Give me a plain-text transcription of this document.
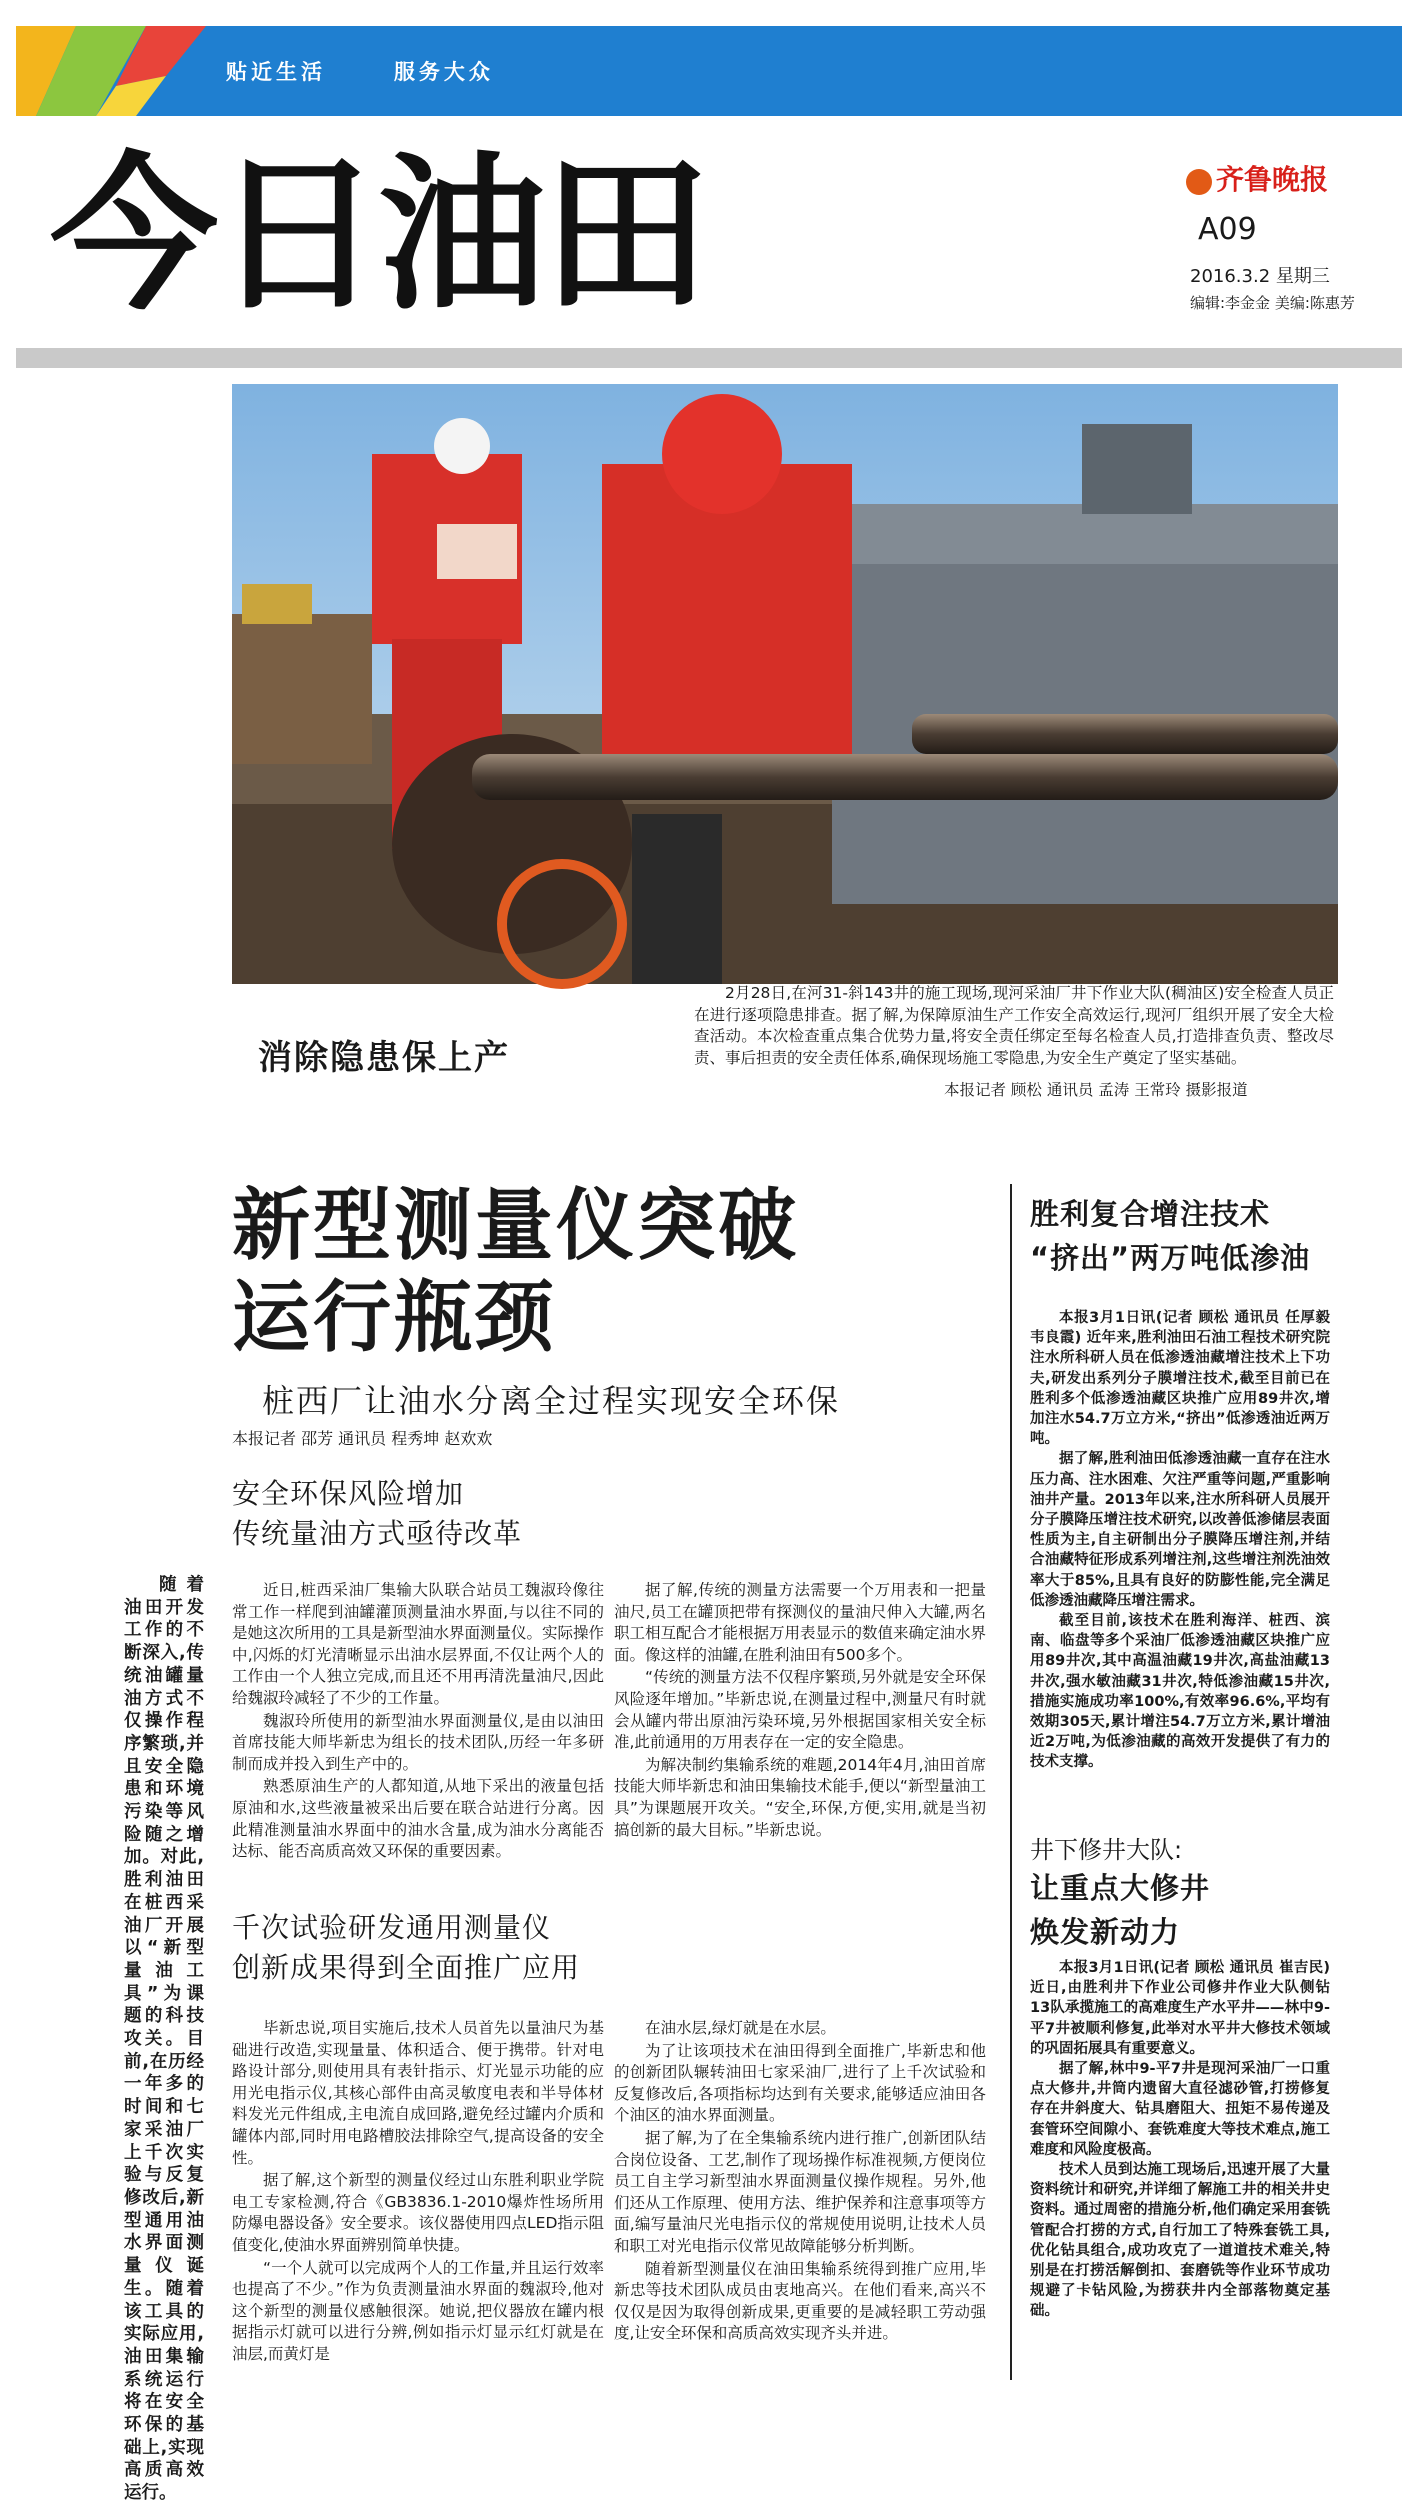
贴近生活	服务大众
今日油田	齐鲁晚报
A09
2016.3.2 星期三
编辑:李金金 美编:陈惠芳
消除隐患保上产
2月28日,在河31-斜143井的施工现场,现河采油厂井下作业大队(稠油区)安全检查人员正在进行逐项隐患排查。据了解,为保障原油生产工作安全高效运行,现河厂组织开展了安全大检查活动。本次检查重点集合优势力量,将安全责任绑定至每名检查人员,打造排查负责、整改尽责、事后担责的安全责任体系,确保现场施工零隐患,为安全生产奠定了坚实基础。
本报记者 顾松 通讯员 孟涛 王常玲 摄影报道
新型测量仪突破
运行瓶颈
桩西厂让油水分离全过程实现安全环保
本报记者 邵芳 通讯员 程秀坤 赵欢欢
随着油田开发工作的不断深入,传统油罐量油方式不仅操作程序繁琐,并且安全隐患和环境污染等风险随之增加。对此,胜利油田在桩西采油厂开展以“新型量油工具”为课题的科技攻关。目前,在历经一年多的时间和七家采油厂上千次实验与反复修改后,新型通用油水界面测量仪诞生。随着该工具的实际应用,油田集输系统运行将在安全环保的基础上,实现高质高效运行。
安全环保风险增加
传统量油方式亟待改革

近日,桩西采油厂集输大队联合站员工魏淑玲像往常工作一样爬到油罐灌顶测量油水界面,与以往不同的是她这次所用的工具是新型油水界面测量仪。实际操作中,闪烁的灯光清晰显示出油水层界面,不仅让两个人的工作由一个人独立完成,而且还不用再清洗量油尺,因此给魏淑玲减轻了不少的工作量。

魏淑玲所使用的新型油水界面测量仪,是由以油田首席技能大师毕新忠为组长的技术团队,历经一年多研制而成并投入到生产中的。

熟悉原油生产的人都知道,从地下采出的液量包括原油和水,这些液量被采出后要在联合站进行分离。因此精准测量油水界面中的油水含量,成为油水分离能否达标、能否高质高效又环保的重要因素。

据了解,传统的测量方法需要一个万用表和一把量油尺,员工在罐顶把带有探测仪的量油尺伸入大罐,两名职工相互配合才能根据万用表显示的数值来确定油水界面。像这样的油罐,在胜利油田有500多个。

“传统的测量方法不仅程序繁琐,另外就是安全环保风险逐年增加。”毕新忠说,在测量过程中,测量尺有时就会从罐内带出原油污染环境,另外根据国家相关安全标准,此前通用的万用表存在一定的安全隐患。

为解决制约集输系统的难题,2014年4月,油田首席技能大师毕新忠和油田集输技术能手,便以“新型量油工具”为课题展开攻关。“安全,环保,方便,实用,就是当初搞创新的最大目标。”毕新忠说。

千次试验研发通用测量仪
创新成果得到全面推广应用

毕新忠说,项目实施后,技术人员首先以量油尺为基础进行改造,实现量量、体积适合、便于携带。针对电路设计部分,则使用具有表针指示、灯光显示功能的应用光电指示仪,其核心部件由高灵敏度电表和半导体材料发光元件组成,主电流自成回路,避免经过罐内介质和罐体内部,同时用电路槽胶法排除空气,提高设备的安全性。

据了解,这个新型的测量仪经过山东胜利职业学院电工专家检测,符合《GB3836.1-2010爆炸性场所用防爆电器设备》安全要求。该仪器使用四点LED指示阻值变化,使油水界面辨别简单快捷。

“一个人就可以完成两个人的工作量,并且运行效率也提高了不少。”作为负责测量油水界面的魏淑玲,他对这个新型的测量仪感触很深。她说,把仪器放在罐内根据指示灯就可以进行分辨,例如指示灯显示红灯就是在油层,而黄灯是

在油水层,绿灯就是在水层。

为了让该项技术在油田得到全面推广,毕新忠和他的创新团队辗转油田七家采油厂,进行了上千次试验和反复修改后,各项指标均达到有关要求,能够适应油田各个油区的油水界面测量。

据了解,为了在全集输系统内进行推广,创新团队结合岗位设备、工艺,制作了现场操作标准视频,方便岗位员工自主学习新型油水界面测量仪操作规程。另外,他们还从工作原理、使用方法、维护保养和注意事项等方面,编写量油尺光电指示仪的常规使用说明,让技术人员和职工对光电指示仪常见故障能够分析判断。

随着新型测量仪在油田集输系统得到推广应用,毕新忠等技术团队成员由衷地高兴。在他们看来,高兴不仅仅是因为取得创新成果,更重要的是减轻职工劳动强度,让安全环保和高质高效实现齐头并进。

胜利复合增注技术
“挤出”两万吨低渗油

本报3月1日讯(记者 顾松 通讯员 任厚毅 韦良霞) 近年来,胜利油田石油工程技术研究院注水所科研人员在低渗透油藏增注技术上下功夫,研发出系列分子膜增注技术,截至目前已在胜利多个低渗透油藏区块推广应用89井次,增加注水54.7万立方米,“挤出”低渗透油近两万吨。

据了解,胜利油田低渗透油藏一直存在注水压力高、注水困难、欠注严重等问题,严重影响油井产量。2013年以来,注水所科研人员展开分子膜降压增注技术研究,以改善低渗储层表面性质为主,自主研制出分子膜降压增注剂,并结合油藏特征形成系列增注剂,这些增注剂洗油效率大于85%,且具有良好的防膨性能,完全满足低渗透油藏降压增注需求。

截至目前,该技术在胜利海洋、桩西、滨南、临盘等多个采油厂低渗透油藏区块推广应用89井次,其中高温油藏19井次,高盐油藏13井次,强水敏油藏31井次,特低渗油藏15井次,措施实施成功率100%,有效率96.6%,平均有效期305天,累计增注54.7万立方米,累计增油近2万吨,为低渗油藏的高效开发提供了有力的技术支撑。

井下修井大队:
让重点大修井
焕发新动力

本报3月1日讯(记者 顾松 通讯员 崔吉民) 近日,由胜利井下作业公司修井作业大队侧钻13队承揽施工的高难度生产水平井——林中9-平7井被顺利修复,此举对水平井大修技术领域的巩固拓展具有重要意义。

据了解,林中9-平7井是现河采油厂一口重点大修井,井筒内遗留大直径滤砂管,打捞修复存在井斜度大、钻具磨阻大、扭矩不易传递及套管环空间隙小、套铣难度大等技术难点,施工难度和风险度极高。

技术人员到达施工现场后,迅速开展了大量资料统计和研究,并详细了解施工井的相关井史资料。通过周密的措施分析,他们确定采用套铣管配合打捞的方式,自行加工了特殊套铣工具,优化钻具组合,成功攻克了一道道技术难关,特别是在打捞活解倒扣、套磨铣等作业环节成功规避了卡钻风险,为捞获井内全部落物奠定基础。
